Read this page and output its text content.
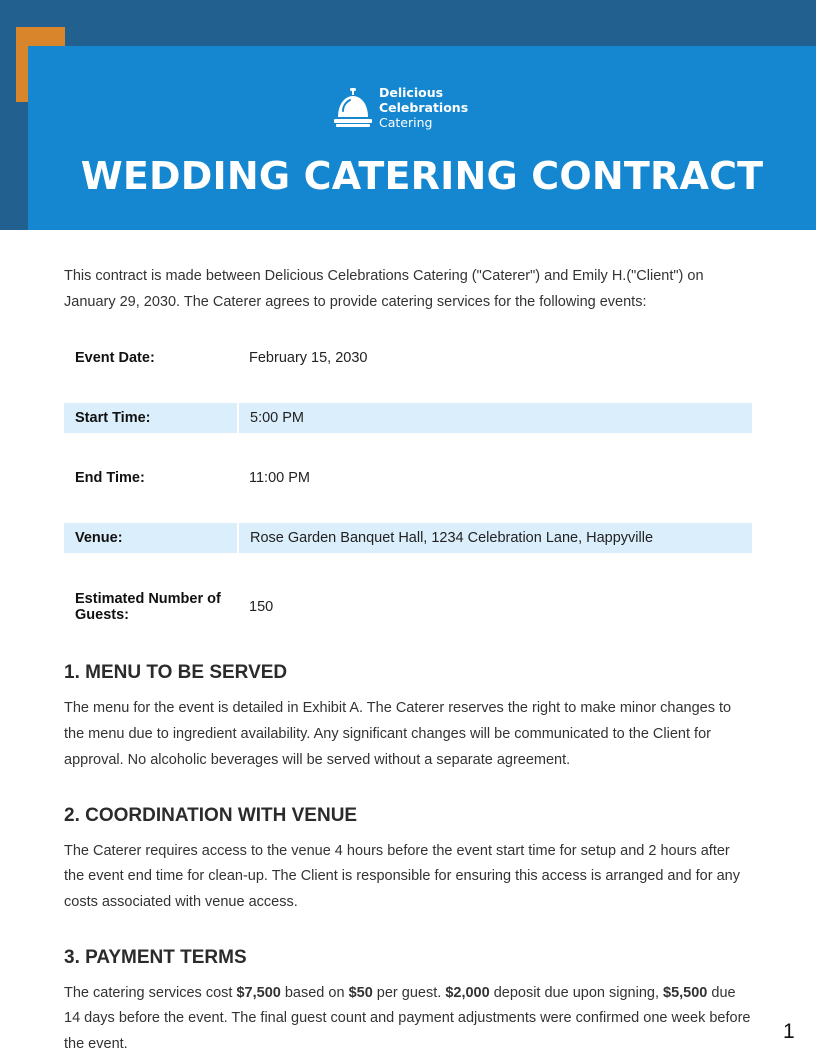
Delicious
Celebrations
Catering
WEDDING CATERING CONTRACT

This contract is made between Delicious Celebrations Catering ("Caterer") and Emily H.("Client") on January 29, 2030. The Caterer agrees to provide catering services for the following events:

Event Date:	February 15, 2030

Start Time:	5:00 PM

End Time:	11:00 PM

Venue:	Rose Garden Banquet Hall, 1234 Celebration Lane, Happyville

Estimated Number of Guests:	150
1. MENU TO BE SERVED

The menu for the event is detailed in Exhibit A. The Caterer reserves the right to make minor changes to the menu due to ingredient availability. Any significant changes will be communicated to the Client for approval. No alcoholic beverages will be served without a separate agreement.

2. COORDINATION WITH VENUE

The Caterer requires access to the venue 4 hours before the event start time for setup and 2 hours after the event end time for clean-up. The Client is responsible for ensuring this access is arranged and for any costs associated with venue access.

3. PAYMENT TERMS

The catering services cost $7,500 based on $50 per guest. $2,000 deposit due upon signing, $5,500 due 14 days before the event. The final guest count and payment adjustments were confirmed one week before the event.

1
